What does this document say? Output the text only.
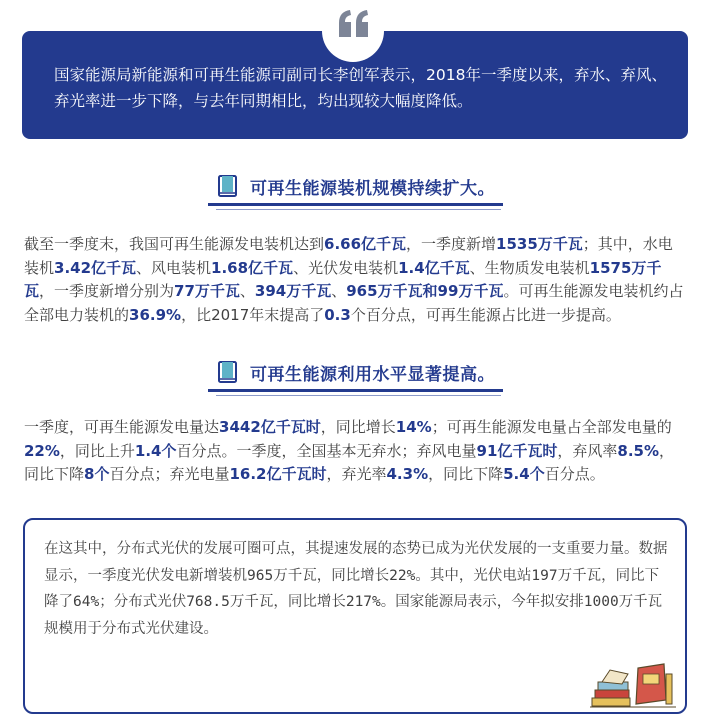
国家能源局新能源和可再生能源司副司长李创军表示，2018年一季度以来，弃水、弃风、弃光率进一步下降，与去年同期相比，均出现较大幅度降低。

可再生能源装机规模持续扩大。

截至一季度末，我国可再生能源发电装机达到6.66亿千瓦，一季度新增1535万千瓦；其中，水电装机3.42亿千瓦、风电装机1.68亿千瓦、光伏发电装机1.4亿千瓦、生物质发电装机1575万千瓦，一季度新增分别为77万千瓦、394万千瓦、965万千瓦和99万千瓦。可再生能源发电装机约占全部电力装机的36.9%，比2017年末提高了0.3个百分点，可再生能源占比进一步提高。

可再生能源利用水平显著提高。

一季度，可再生能源发电量达3442亿千瓦时，同比增长14%；可再生能源发电量占全部发电量的22%，同比上升1.4个百分点。一季度，全国基本无弃水；弃风电量91亿千瓦时，弃风率8.5%，同比下降8个百分点；弃光电量16.2亿千瓦时，弃光率4.3%，同比下降5.4个百分点。

在这其中，分布式光伏的发展可圈可点，其提速发展的态势已成为光伏发展的一支重要力量。数据显示，一季度光伏发电新增装机965万千瓦，同比增长22%。其中，光伏电站197万千瓦，同比下降了64%；分布式光伏768.5万千瓦，同比增长217%。国家能源局表示，今年拟安排1000万千瓦规模用于分布式光伏建设。
